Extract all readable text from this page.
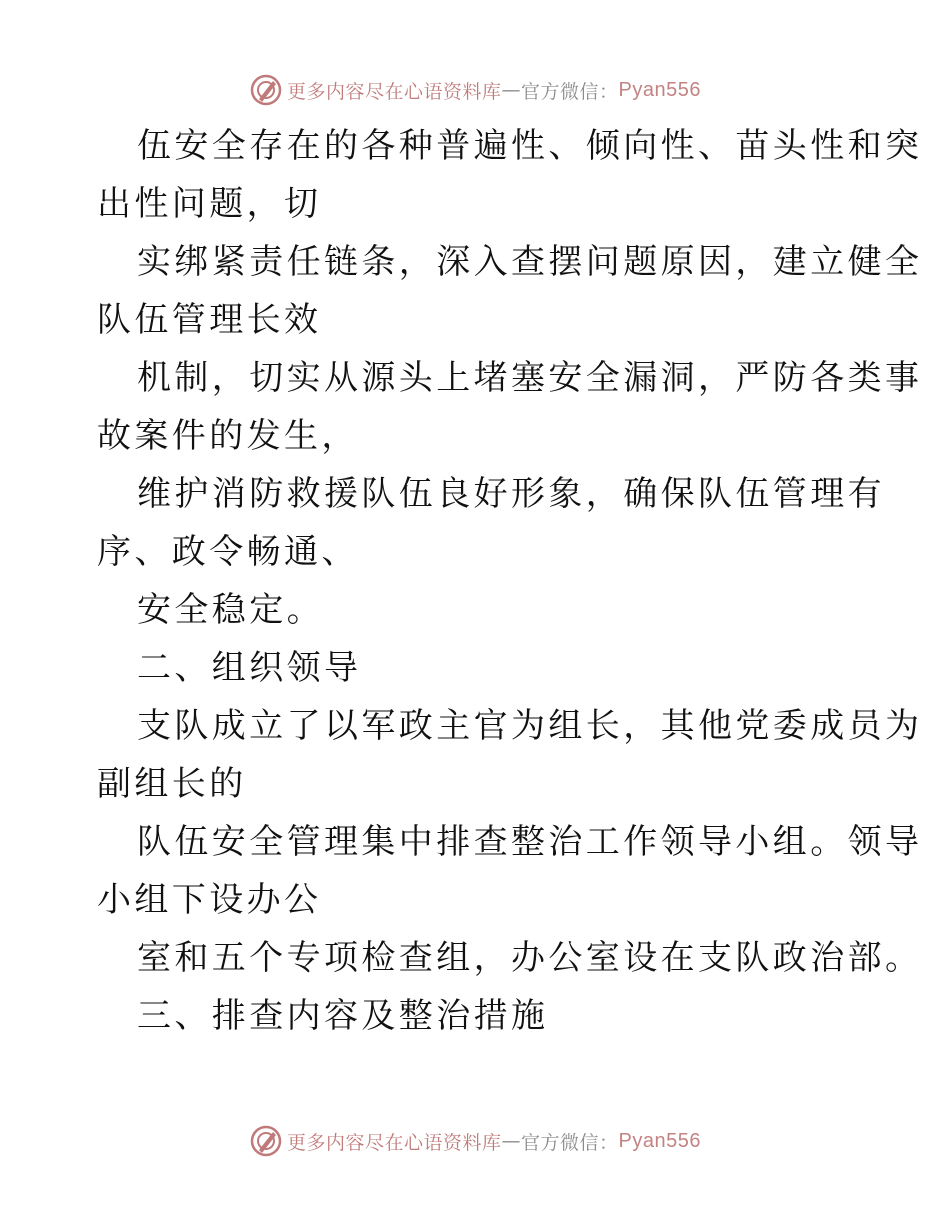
更多内容尽在心语资料库 — 官方微信： Pyan556
伍安全存在的各种普遍性、倾向性、苗头性和突
出性问题，切
实绑紧责任链条，深入查摆问题原因，建立健全
队伍管理长效
机制，切实从源头上堵塞安全漏洞，严防各类事
故案件的发生，
维护消防救援队伍良好形象，确保队伍管理有
序、政令畅通、
安全稳定。
二、组织领导
支队成立了以军政主官为组长，其他党委成员为
副组长的
队伍安全管理集中排查整治工作领导小组。领导
小组下设办公
室和五个专项检查组，办公室设在支队政治部。
三、排查内容及整治措施
更多内容尽在心语资料库 — 官方微信： Pyan556
